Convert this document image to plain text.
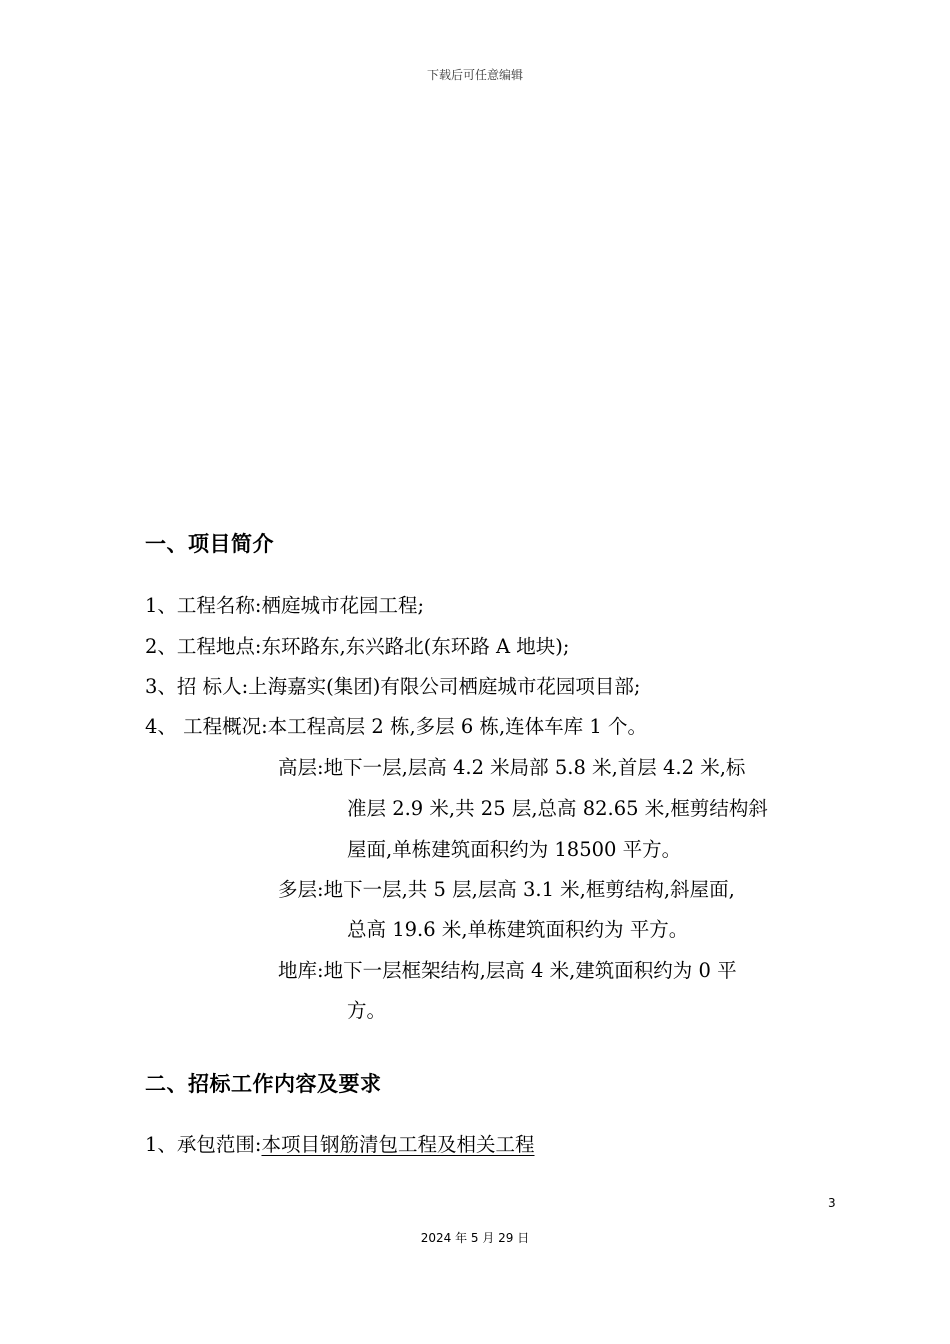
下载后可任意编辑
一、项目简介
1、工程名称:栖庭城市花园工程;
2、工程地点:东环路东,东兴路北(东环路 A 地块);
3、招 标人:上海嘉实(集团)有限公司栖庭城市花园项目部;
4、 工程概况:本工程高层 2 栋,多层 6 栋,连体车库 1 个。
高层:地下一层,层高 4.2 米局部 5.8 米,首层 4.2 米,标
准层 2.9 米,共 25 层,总高 82.65 米,框剪结构斜
屋面,单栋建筑面积约为 18500 平方。
多层:地下一层,共 5 层,层高 3.1 米,框剪结构,斜屋面,
总高 19.6 米,单栋建筑面积约为 平方。
地库:地下一层框架结构,层高 4 米,建筑面积约为 0 平
方。
二、招标工作内容及要求
1、承包范围:本项目钢筋清包工程及相关工程
3
2024 年 5 月 29 日
